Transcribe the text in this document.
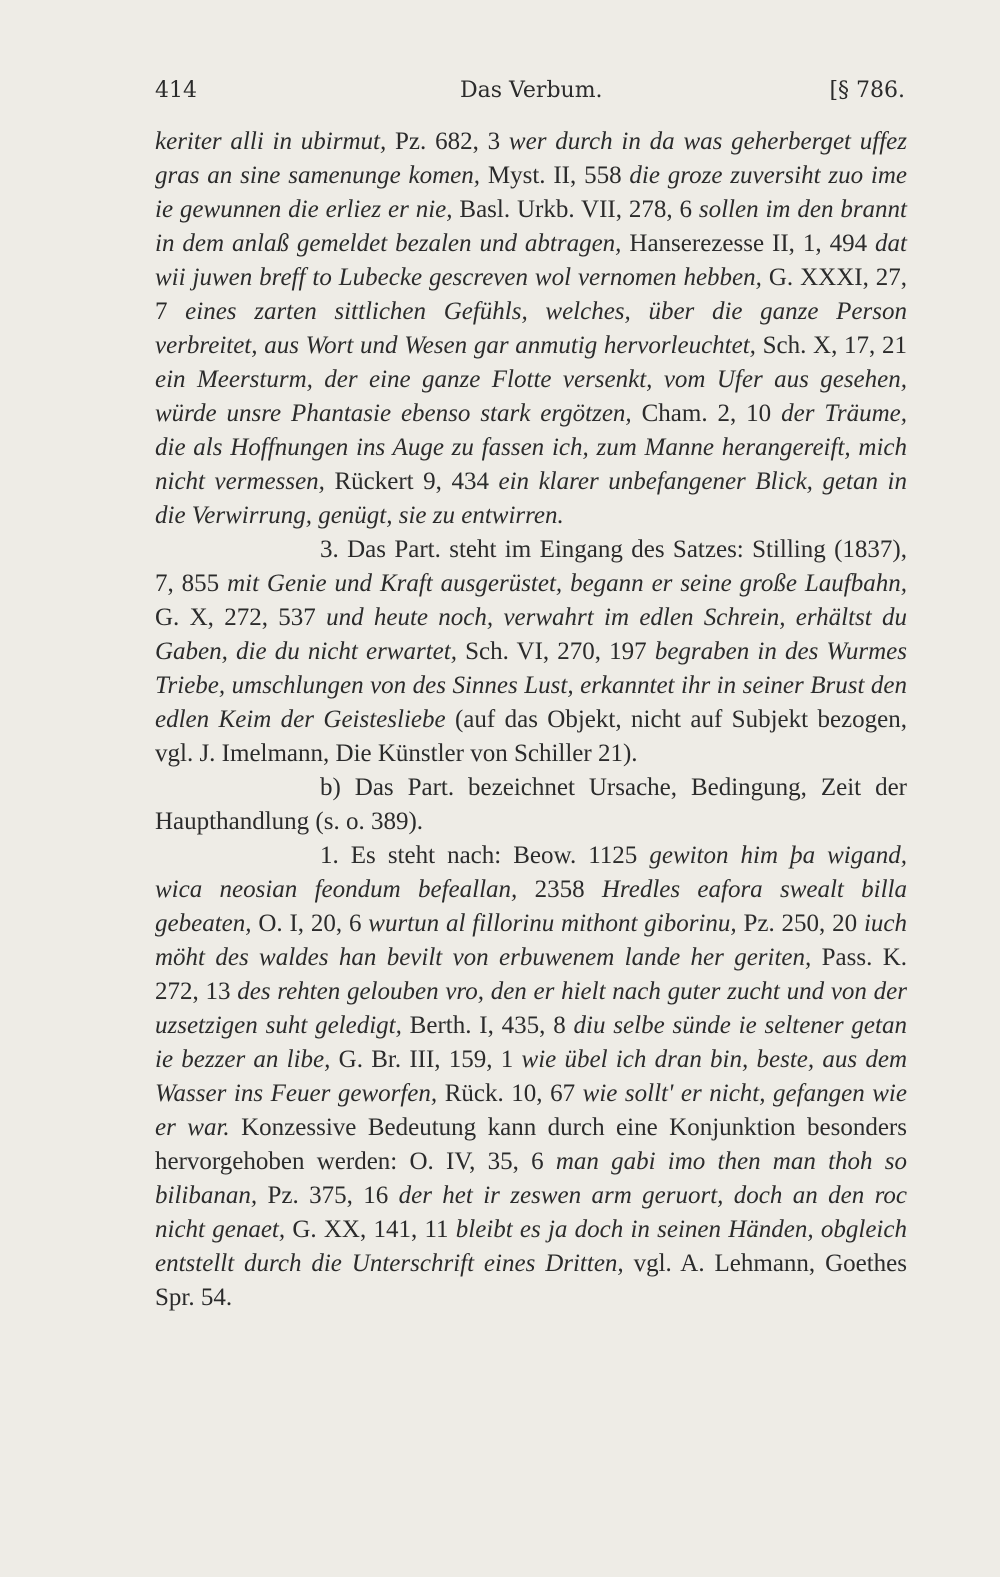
414	Das Verbum.	[§ 786.

keriter alli in ubirmut, Pz. 682, 3 wer durch in da was geherberget uffez gras an sine samenunge komen, Myst. II, 558 die groze zuversiht zuo ime ie gewunnen die erliez er nie, Basl. Urkb. VII, 278, 6 sollen im den brannt in dem anlaß gemeldet bezalen und abtragen, Hanserezesse II, 1, 494 dat wii juwen breff to Lubecke gescreven wol vernomen hebben, G. XXXI, 27, 7 eines zarten sittlichen Gefühls, welches, über die ganze Person verbreitet, aus Wort und Wesen gar anmutig hervorleuchtet, Sch. X, 17, 21 ein Meersturm, der eine ganze Flotte versenkt, vom Ufer aus gesehen, würde unsre Phantasie ebenso stark ergötzen, Cham. 2, 10 der Träume, die als Hoffnungen ins Auge zu fassen ich, zum Manne herangereift, mich nicht vermessen, Rückert 9, 434 ein klarer unbefangener Blick, getan in die Verwirrung, genügt, sie zu entwirren.

3. Das Part. steht im Eingang des Satzes: Stilling (1837), 7, 855 mit Genie und Kraft ausgerüstet, begann er seine große Laufbahn, G. X, 272, 537 und heute noch, verwahrt im edlen Schrein, erhältst du Gaben, die du nicht erwartet, Sch. VI, 270, 197 begraben in des Wurmes Triebe, umschlungen von des Sinnes Lust, erkanntet ihr in seiner Brust den edlen Keim der Geistesliebe (auf das Objekt, nicht auf Subjekt bezogen, vgl. J. Imelmann, Die Künstler von Schiller 21).

b) Das Part. bezeichnet Ursache, Bedingung, Zeit der Haupthandlung (s. o. 389).

1. Es steht nach: Beow. 1125 gewiton him þa wigand, wica neosian feondum befeallan, 2358 Hredles eafora swealt billa gebeaten, O. I, 20, 6 wurtun al fillorinu mithont giborinu, Pz. 250, 20 iuch möht des waldes han bevilt von erbuwenem lande her geriten, Pass. K. 272, 13 des rehten gelouben vro, den er hielt nach guter zucht und von der uzsetzigen suht geledigt, Berth. I, 435, 8 diu selbe sünde ie seltener getan ie bezzer an libe, G. Br. III, 159, 1 wie übel ich dran bin, beste, aus dem Wasser ins Feuer geworfen, Rück. 10, 67 wie sollt' er nicht, gefangen wie er war. Konzessive Bedeutung kann durch eine Konjunktion besonders hervorgehoben werden: O. IV, 35, 6 man gabi imo then man thoh so bilibanan, Pz. 375, 16 der het ir zeswen arm geruort, doch an den roc nicht genaet, G. XX, 141, 11 bleibt es ja doch in seinen Händen, obgleich entstellt durch die Unterschrift eines Dritten, vgl. A. Lehmann, Goethes Spr. 54.
